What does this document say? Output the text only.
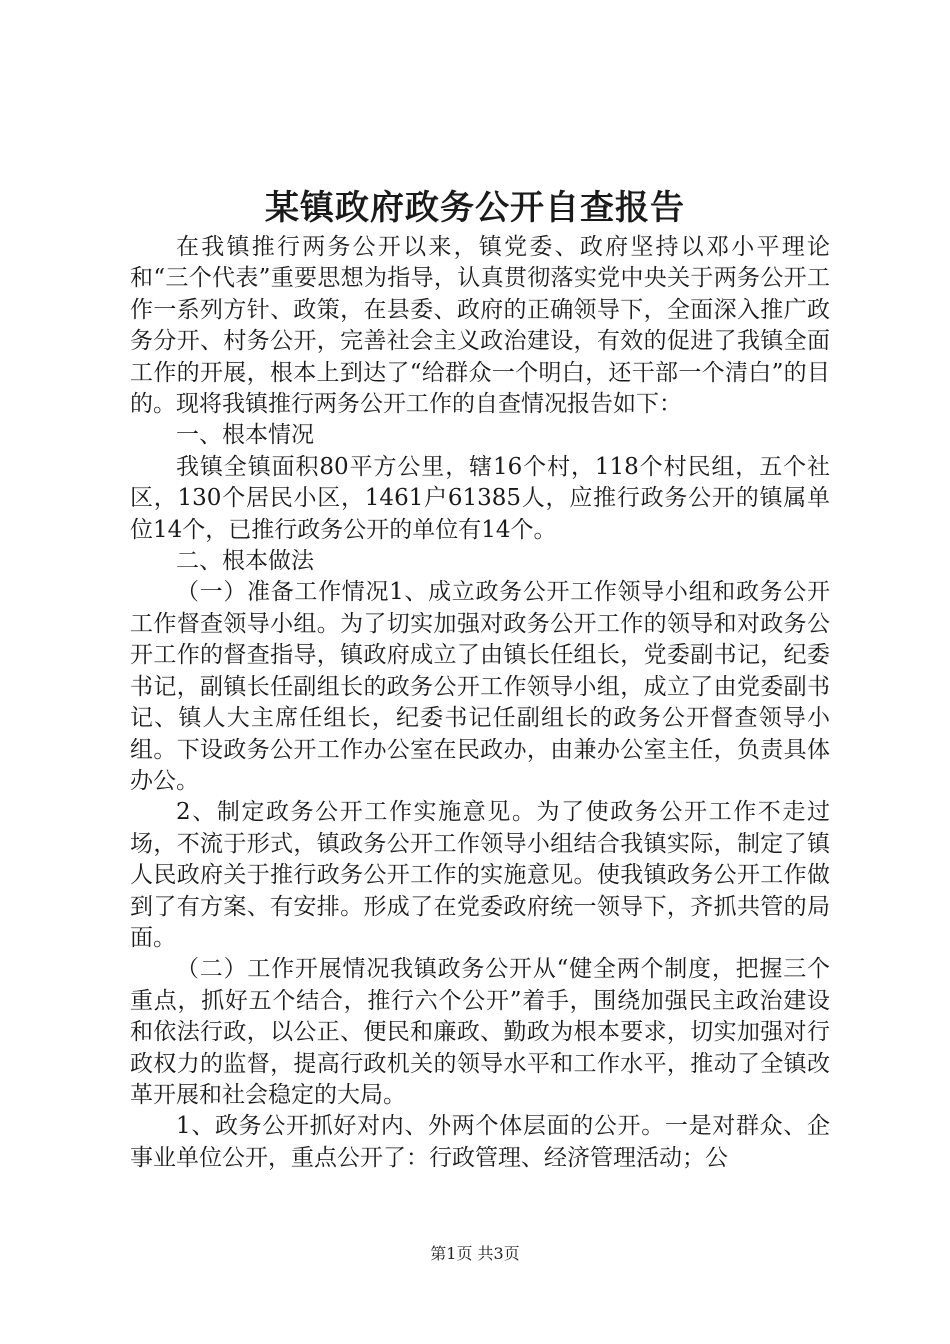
某镇政府政务公开自查报告

在我镇推行两务公开以来，镇党委、政府坚持以邓小平理论和“三个代表”重要思想为指导，认真贯彻落实党中央关于两务公开工作一系列方针、政策，在县委、政府的正确领导下，全面深入推广政务分开、村务公开，完善社会主义政治建设，有效的促进了我镇全面工作的开展，根本上到达了“给群众一个明白，还干部一个清白”的目的。现将我镇推行两务公开工作的自查情况报告如下：

一、根本情况

我镇全镇面积80平方公里，辖16个村，118个村民组，五个社区，130个居民小区，1461户61385人，应推行政务公开的镇属单位14个，已推行政务公开的单位有14个。

二、根本做法

（一）准备工作情况1、成立政务公开工作领导小组和政务公开工作督查领导小组。为了切实加强对政务公开工作的领导和对政务公开工作的督查指导，镇政府成立了由镇长任组长，党委副书记，纪委书记，副镇长任副组长的政务公开工作领导小组，成立了由党委副书记、镇人大主席任组长，纪委书记任副组长的政务公开督查领导小组。下设政务公开工作办公室在民政办，由兼办公室主任，负责具体办公。

2、制定政务公开工作实施意见。为了使政务公开工作不走过场，不流于形式，镇政务公开工作领导小组结合我镇实际，制定了镇人民政府关于推行政务公开工作的实施意见。使我镇政务公开工作做到了有方案、有安排。形成了在党委政府统一领导下，齐抓共管的局面。

（二）工作开展情况我镇政务公开从“健全两个制度，把握三个重点，抓好五个结合，推行六个公开”着手，围绕加强民主政治建设和依法行政，以公正、便民和廉政、勤政为根本要求，切实加强对行政权力的监督，提高行政机关的领导水平和工作水平，推动了全镇改革开展和社会稳定的大局。

1、政务公开抓好对内、外两个体层面的公开。一是对群众、企事业单位公开，重点公开了：行政管理、经济管理活动；公

第1页 共3页
